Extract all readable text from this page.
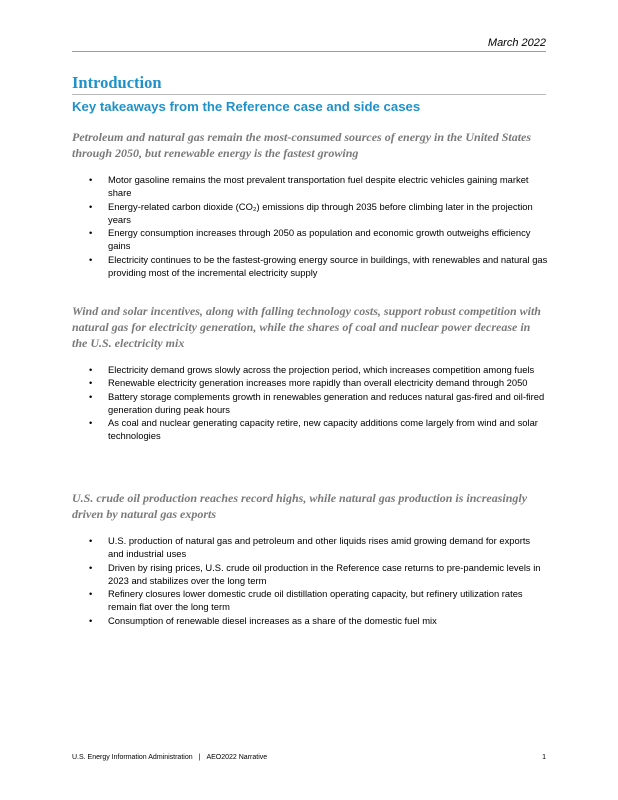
March 2022
Introduction
Key takeaways from the Reference case and side cases
Petroleum and natural gas remain the most-consumed sources of energy in the United States through 2050, but renewable energy is the fastest growing
• Motor gasoline remains the most prevalent transportation fuel despite electric vehicles gaining market share
• Energy-related carbon dioxide (CO₂) emissions dip through 2035 before climbing later in the projection years
• Energy consumption increases through 2050 as population and economic growth outweighs efficiency gains
• Electricity continues to be the fastest-growing energy source in buildings, with renewables and natural gas providing most of the incremental electricity supply
Wind and solar incentives, along with falling technology costs, support robust competition with natural gas for electricity generation, while the shares of coal and nuclear power decrease in the U.S. electricity mix
• Electricity demand grows slowly across the projection period, which increases competition among fuels
• Renewable electricity generation increases more rapidly than overall electricity demand through 2050
• Battery storage complements growth in renewables generation and reduces natural gas-fired and oil-fired generation during peak hours
• As coal and nuclear generating capacity retire, new capacity additions come largely from wind and solar technologies
U.S. crude oil production reaches record highs, while natural gas production is increasingly driven by natural gas exports
• U.S. production of natural gas and petroleum and other liquids rises amid growing demand for exports and industrial uses
• Driven by rising prices, U.S. crude oil production in the Reference case returns to pre-pandemic levels in 2023 and stabilizes over the long term
• Refinery closures lower domestic crude oil distillation operating capacity, but refinery utilization rates remain flat over the long term
• Consumption of renewable diesel increases as a share of the domestic fuel mix
U.S. Energy Information Administration | AEO2022 Narrative	1
